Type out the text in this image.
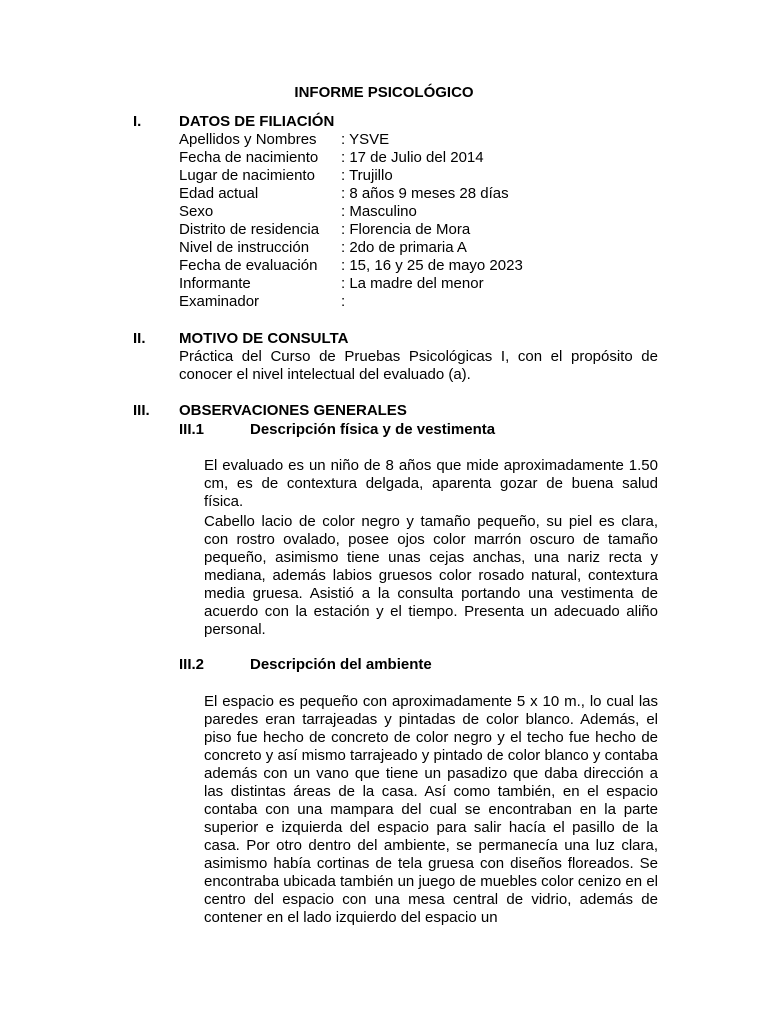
INFORME PSICOLÓGICO
I.	DATOS DE FILIACIÓN
Apellidos y Nombres	: YSVE
Fecha de nacimiento	: 17 de Julio del 2014
Lugar de nacimiento	: Trujillo
Edad actual	: 8 años 9 meses 28 días
Sexo	: Masculino
Distrito de residencia	: Florencia de Mora
Nivel de instrucción	: 2do de primaria A
Fecha de evaluación	: 15, 16 y 25 de mayo 2023
Informante	: La madre del menor
Examinador	:
II. MOTIVO DE CONSULTA
Práctica del Curso de Pruebas Psicológicas I, con el propósito de conocer el nivel intelectual del evaluado (a).
III. OBSERVACIONES GENERALES
III.1	Descripción física y de vestimenta
El evaluado es un niño de 8 años que mide aproximadamente 1.50 cm, es de contextura delgada, aparenta gozar de buena salud física.
Cabello lacio de color negro y tamaño pequeño, su piel es clara, con rostro ovalado, posee ojos color marrón oscuro de tamaño pequeño, asimismo tiene unas cejas anchas, una nariz recta y mediana, además labios gruesos color rosado natural, contextura media gruesa. Asistió a la consulta portando una vestimenta de acuerdo con la estación y el tiempo. Presenta un adecuado aliño personal.
III.2	Descripción del ambiente
El espacio es pequeño con aproximadamente 5 x 10 m., lo cual las paredes eran tarrajeadas y pintadas de color blanco. Además, el piso fue hecho de concreto de color negro y el techo fue hecho de concreto y así mismo tarrajeado y pintado de color blanco y contaba además con un vano que tiene un pasadizo que daba dirección a las distintas áreas de la casa. Así como también, en el espacio contaba con una mampara del cual se encontraban en la parte superior e izquierda del espacio para salir hacía el pasillo de la casa. Por otro dentro del ambiente, se permanecía una luz clara, asimismo había cortinas de tela gruesa con diseños floreados. Se encontraba ubicada también un juego de muebles color cenizo en el centro del espacio con una mesa central de vidrio, además de contener en el lado izquierdo del espacio un
